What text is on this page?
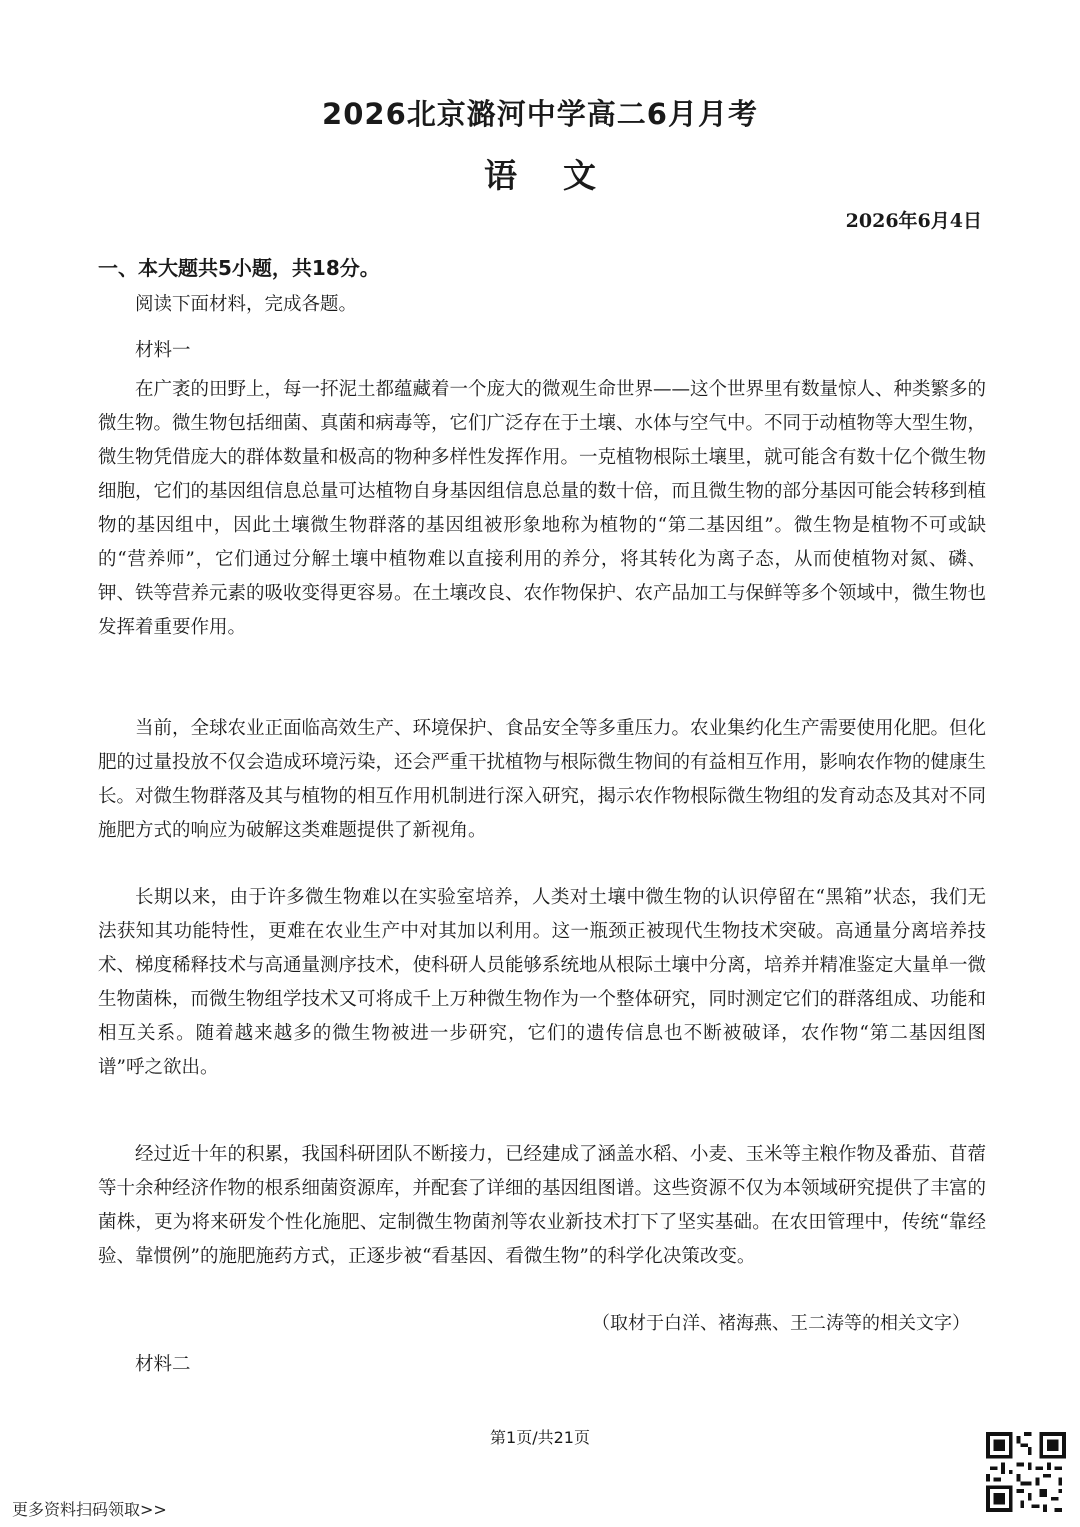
2026北京潞河中学高二6月月考
语文
2026年6月4日
一、本大题共5小题，共18分。
阅读下面材料，完成各题。
材料一
在广袤的田野上，每一抔泥土都蕴藏着一个庞大的微观生命世界——这个世界里有数量惊人、种类繁多的微生物。微生物包括细菌、真菌和病毒等，它们广泛存在于土壤、水体与空气中。不同于动植物等大型生物，微生物凭借庞大的群体数量和极高的物种多样性发挥作用。一克植物根际土壤里，就可能含有数十亿个微生物细胞，它们的基因组信息总量可达植物自身基因组信息总量的数十倍，而且微生物的部分基因可能会转移到植物的基因组中，因此土壤微生物群落的基因组被形象地称为植物的“第二基因组”。微生物是植物不可或缺的“营养师”，它们通过分解土壤中植物难以直接利用的养分，将其转化为离子态，从而使植物对氮、磷、钾、铁等营养元素的吸收变得更容易。在土壤改良、农作物保护、农产品加工与保鲜等多个领域中，微生物也发挥着重要作用。
当前，全球农业正面临高效生产、环境保护、食品安全等多重压力。农业集约化生产需要使用化肥。但化肥的过量投放不仅会造成环境污染，还会严重干扰植物与根际微生物间的有益相互作用，影响农作物的健康生长。对微生物群落及其与植物的相互作用机制进行深入研究，揭示农作物根际微生物组的发育动态及其对不同施肥方式的响应为破解这类难题提供了新视角。
长期以来，由于许多微生物难以在实验室培养，人类对土壤中微生物的认识停留在“黑箱”状态，我们无法获知其功能特性，更难在农业生产中对其加以利用。这一瓶颈正被现代生物技术突破。高通量分离培养技术、梯度稀释技术与高通量测序技术，使科研人员能够系统地从根际土壤中分离，培养并精准鉴定大量单一微生物菌株，而微生物组学技术又可将成千上万种微生物作为一个整体研究，同时测定它们的群落组成、功能和相互关系。随着越来越多的微生物被进一步研究，它们的遗传信息也不断被破译，农作物“第二基因组图谱”呼之欲出。
经过近十年的积累，我国科研团队不断接力，已经建成了涵盖水稻、小麦、玉米等主粮作物及番茄、苜蓿等十余种经济作物的根系细菌资源库，并配套了详细的基因组图谱。这些资源不仅为本领域研究提供了丰富的菌株，更为将来研发个性化施肥、定制微生物菌剂等农业新技术打下了坚实基础。在农田管理中，传统“靠经验、靠惯例”的施肥施药方式，正逐步被“看基因、看微生物”的科学化决策改变。
（取材于白洋、褚海燕、王二涛等的相关文字）
材料二
第1页/共21页
更多资料扫码领取>>
